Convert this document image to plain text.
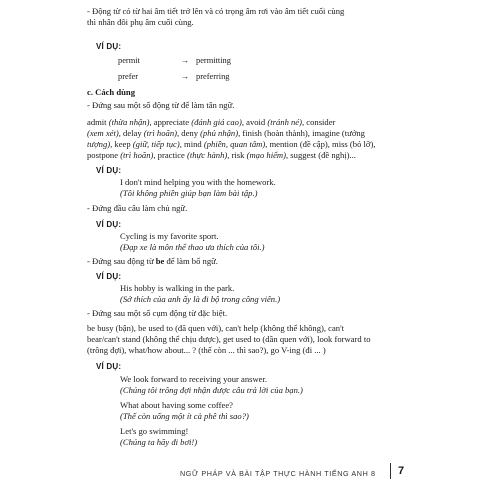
- Động từ có từ hai âm tiết trở lên và có trọng âm rơi vào âm tiết cuối cùng
thì nhân đôi phụ âm cuối cùng.
VÍ DỤ:
permit	→ permitting
prefer	→ preferring
c. Cách dùng
- Đứng sau một số động từ để làm tân ngữ.
admit (thừa nhận), appreciate (đánh giá cao), avoid (tránh né), consider
(xem xét), delay (trì hoãn), deny (phủ nhận), finish (hoàn thành), imagine (tưởng
tượng), keep (giữ, tiếp tục), mind (phiền, quan tâm), mention (đề cập), miss (bỏ lỡ),
postpone (trì hoãn), practice (thực hành), risk (mạo hiểm), suggest (đề nghị)...
VÍ DỤ:
I don't mind helping you with the homework.
(Tôi không phiền giúp bạn làm bài tập.)
- Đứng đầu câu làm chủ ngữ.
VÍ DỤ:
Cycling is my favorite sport.
(Đạp xe là môn thể thao ưa thích của tôi.)
- Đứng sau động từ be để làm bổ ngữ.
VÍ DỤ:
His hobby is walking in the park.
(Sở thích của anh ấy là đi bộ trong công viên.)
- Đứng sau một số cụm động từ đặc biệt.
be busy (bận), be used to (đã quen với), can't help (không thể không), can't
bear/can't stand (không thể chịu được), get used to (dần quen với), look forward to
(trông đợi), what/how about... ? (thế còn ... thì sao?), go V-ing (đi ... )
VÍ DỤ:
We look forward to receiving your answer.
(Chúng tôi trông đợi nhận được câu trả lời của bạn.)
What about having some coffee?
(Thế còn uống một ít cà phê thì sao?)
Let's go swimming!
(Chúng ta hãy đi bơi!)
NGỮ PHÁP VÀ BÀI TẬP THỰC HÀNH TIẾNG ANH 8 7
